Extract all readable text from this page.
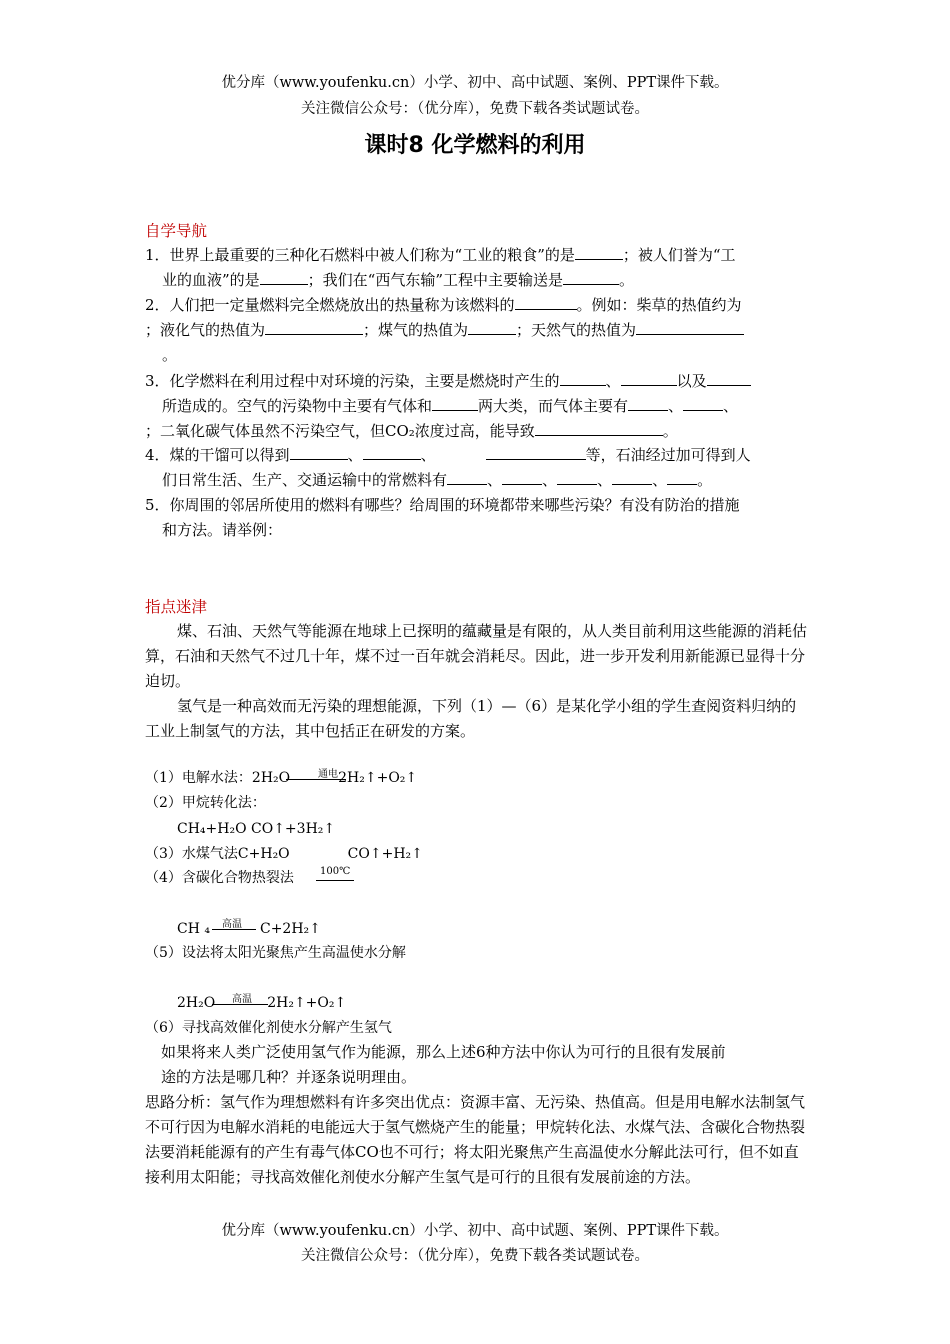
优分库（www.youfenku.cn）小学、初中、高中试题、案例、PPT课件下载。
关注微信公众号：（优分库），免费下载各类试题试卷。
课时8 化学燃料的利用
自学导航
1．世界上最重要的三种化石燃料中被人们称为“工业的粮食”的是	；被人们誉为“工
业的血液”的是	；我们在“西气东输”工程中主要输送是	。
2．人们把一定量燃料完全燃烧放出的热量称为该燃料的	。例如：柴草的热值约为
；液化气的热值为	；煤气的热值为	；天然气的热值为
。
3．化学燃料在利用过程中对环境的污染，主要是燃烧时产生的	、	以及
所造成的。空气的污染物中主要有气体和	两大类，而气体主要有	、	、
；二氧化碳气体虽然不污染空气，但CO₂浓度过高，能导致	。
4．煤的干馏可以得到	、	、	等，石油经过加可得到人
们日常生活、生产、交通运输中的常燃料有	、	、	、	、 。
5．你周围的邻居所使用的燃料有哪些？给周围的环境都带来哪些污染？有没有防治的措施
和方法。请举例：
指点迷津
煤、石油、天然气等能源在地球上已探明的蕴藏量是有限的，从人类目前利用这些能源的消耗估算，石油和天然气不过几十年，煤不过一百年就会消耗尽。因此，进一步开发利用新能源已显得十分迫切。
氢气是一种高效而无污染的理想能源，下列（1）—（6）是某化学小组的学生查阅资料归纳的工业上制氢气的方法，其中包括正在研发的方案。
（1）电解水法：2H₂O	2H₂↑+O₂↑
通电
（2）甲烷转化法：
CH₄+H₂O CO↑+3H₂↑
（3）水煤气法C+H₂O	CO↑+H₂↑
（4）含碳化合物热裂法	100℃
CH ₄	C+2H₂↑
高温
（5）设法将太阳光聚焦产生高温使水分解
2H₂O	2H₂↑+O₂↑
高温
（6）寻找高效催化剂使水分解产生氢气
如果将来人类广泛使用氢气作为能源，那么上述6种方法中你认为可行的且很有发展前
途的方法是哪几种？并逐条说明理由。
思路分析：氢气作为理想燃料有许多突出优点：资源丰富、无污染、热值高。但是用电解水法制氢气不可行因为电解水消耗的电能远大于氢气燃烧产生的能量；甲烷转化法、水煤气法、含碳化合物热裂法要消耗能源有的产生有毒气体CO也不可行；将太阳光聚焦产生高温使水分解此法可行，但不如直接利用太阳能；寻找高效催化剂使水分解产生氢气是可行的且很有发展前途的方法。
优分库（www.youfenku.cn）小学、初中、高中试题、案例、PPT课件下载。
关注微信公众号：（优分库），免费下载各类试题试卷。
